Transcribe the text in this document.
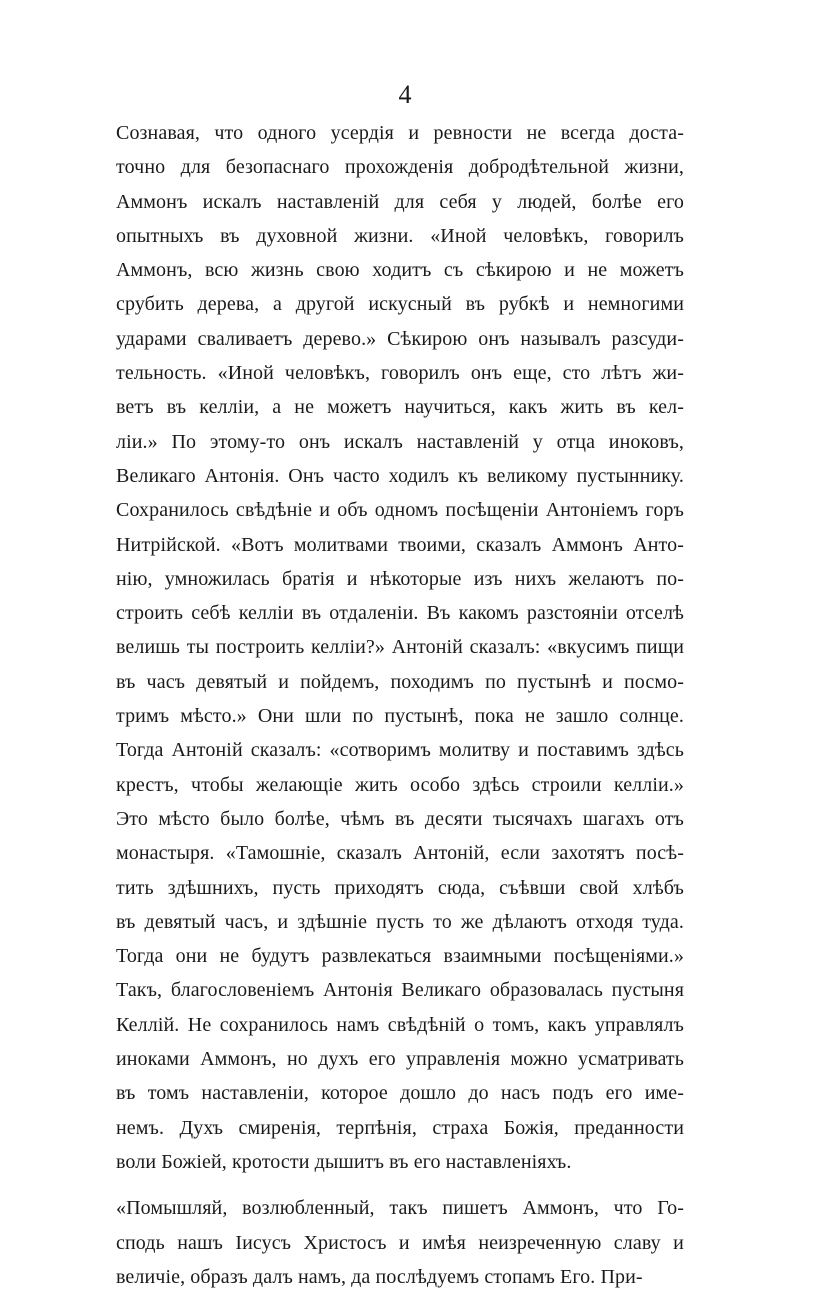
4
Сознавая, что одного усердія и ревности не всегда доста-
точно для безопаснаго прохожденія добродѣтельной жизни,
Аммонъ искалъ наставленій для себя у людей, болѣе его
опытныхъ въ духовной жизни. «Иной человѣкъ, говорилъ
Аммонъ, всю жизнь свою ходитъ съ сѣкирою и не можетъ
срубить дерева, а другой искусный въ рубкѣ и немногими
ударами сваливаетъ дерево.» Сѣкирою онъ называлъ разсуди-
тельность. «Иной человѣкъ, говорилъ онъ еще, сто лѣтъ жи-
ветъ въ келліи, а не можетъ научиться, какъ жить въ кел-
ліи.» По этому-то онъ искалъ наставленій у отца иноковъ,
Великаго Антонія. Онъ часто ходилъ къ великому пустыннику.
Сохранилось свѣдѣніе и объ одномъ посѣщеніи Антоніемъ горъ
Нитрійской. «Вотъ молитвами твоими, сказалъ Аммонъ Анто-
нію, умножилась братія и нѣкоторые изъ нихъ желаютъ по-
строить себѣ келліи въ отдаленіи. Въ какомъ разстояніи отселѣ
велишь ты построить келліи?» Антоній сказалъ: «вкусимъ пищи
въ часъ девятый и пойдемъ, походимъ по пустынѣ и посмо-
тримъ мѣсто.» Они шли по пустынѣ, пока не зашло солнце.
Тогда Антоній сказалъ: «сотворимъ молитву и поставимъ здѣсь
крестъ, чтобы желающіе жить особо здѣсь строили келліи.»
Это мѣсто было болѣе, чѣмъ въ десяти тысячахъ шагахъ отъ
монастыря. «Тамошніе, сказалъ Антоній, если захотятъ посѣ-
тить здѣшнихъ, пусть приходятъ сюда, съѣвши свой хлѣбъ
въ девятый часъ, и здѣшніе пусть то же дѣлаютъ отходя туда.
Тогда они не будутъ развлекаться взаимными посѣщеніями.»
Такъ, благословеніемъ Антонія Великаго образовалась пустыня
Келлій. Не сохранилось намъ свѣдѣній о томъ, какъ управлялъ
иноками Аммонъ, но духъ его управленія можно усматривать
въ томъ наставленіи, которое дошло до насъ подъ его име-
немъ. Духъ смиренія, терпѣнія, страха Божія, преданности
воли Божіей, кротости дышитъ въ его наставленіяхъ.
«Помышляй, возлюбленный, такъ пишетъ Аммонъ, что Го-
сподь нашъ Іисусъ Христосъ и имѣя неизреченную славу и
величіе, образъ далъ намъ, да послѣдуемъ стопамъ Его. При-
